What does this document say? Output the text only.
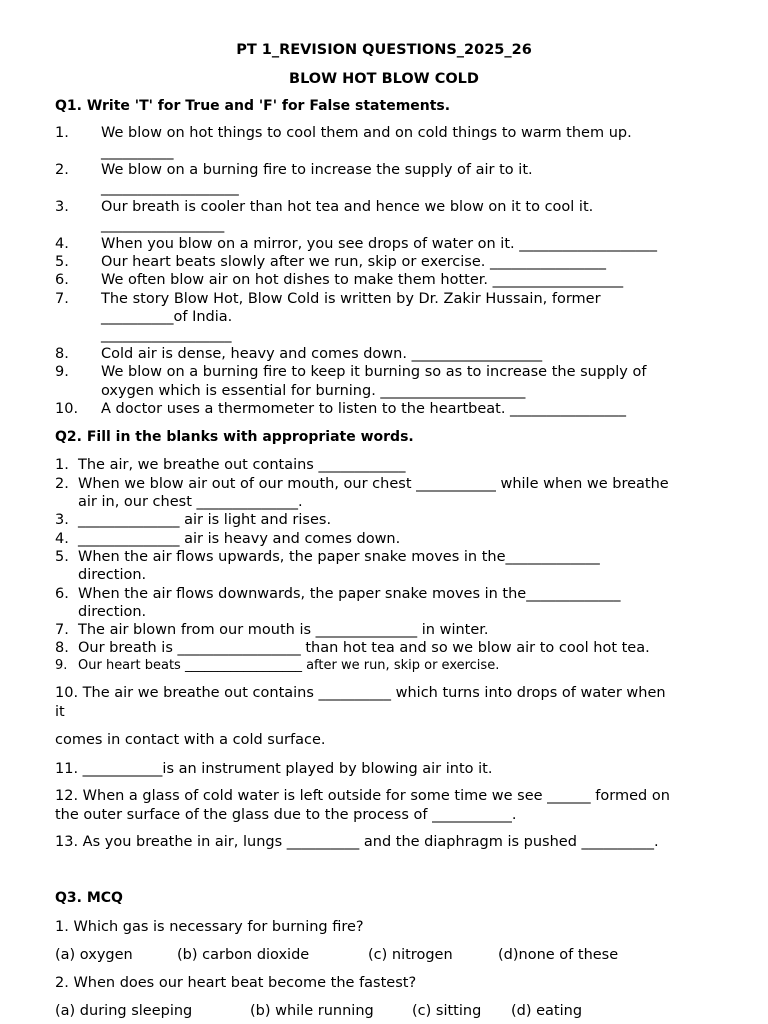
PT 1_REVISION QUESTIONS_2025_26
BLOW HOT BLOW COLD
Q1. Write 'T' for True and 'F' for False statements.
1. We blow on hot things to cool them and on cold things to warm them up.
__________
2. We blow on a burning fire to increase the supply of air to it.
___________________
3. Our breath is cooler than hot tea and hence we blow on it to cool it.
_________________
4. When you blow on a mirror, you see drops of water on it. ___________________
5. Our heart beats slowly after we run, skip or exercise. ________________
6. We often blow air on hot dishes to make them hotter. __________________
7. The story Blow Hot, Blow Cold is written by Dr. Zakir Hussain, former
__________of India.
__________________
8. Cold air is dense, heavy and comes down. __________________
9. We blow on a burning fire to keep it burning so as to increase the supply of
oxygen which is essential for burning. ____________________
10. A doctor uses a thermometer to listen to the heartbeat. ________________
Q2. Fill in the blanks with appropriate words.
1. The air, we breathe out contains ____________
2. When we blow air out of our mouth, our chest ___________ while when we breathe
air in, our chest ______________.
3. ______________ air is light and rises.
4. ______________ air is heavy and comes down.
5. When the air flows upwards, the paper snake moves in the_____________
direction.
6. When the air flows downwards, the paper snake moves in the_____________
direction.
7. The air blown from our mouth is ______________ in winter.
8. Our breath is _________________ than hot tea and so we blow air to cool hot tea.
9. Our heart beats __________________ after we run, skip or exercise.
10. The air we breathe out contains __________ which turns into drops of water when
it
comes in contact with a cold surface.
11. ___________is an instrument played by blowing air into it.
12. When a glass of cold water is left outside for some time we see ______ formed on
the outer surface of the glass due to the process of ___________.
13. As you breathe in air, lungs __________ and the diaphragm is pushed __________.
Q3. MCQ
1. Which gas is necessary for burning fire?
(a) oxygen	(b) carbon dioxide	(c) nitrogen	(d)none of these
2. When does our heart beat become the fastest?
(a) during sleeping	(b) while running	(c) sitting (d) eating
